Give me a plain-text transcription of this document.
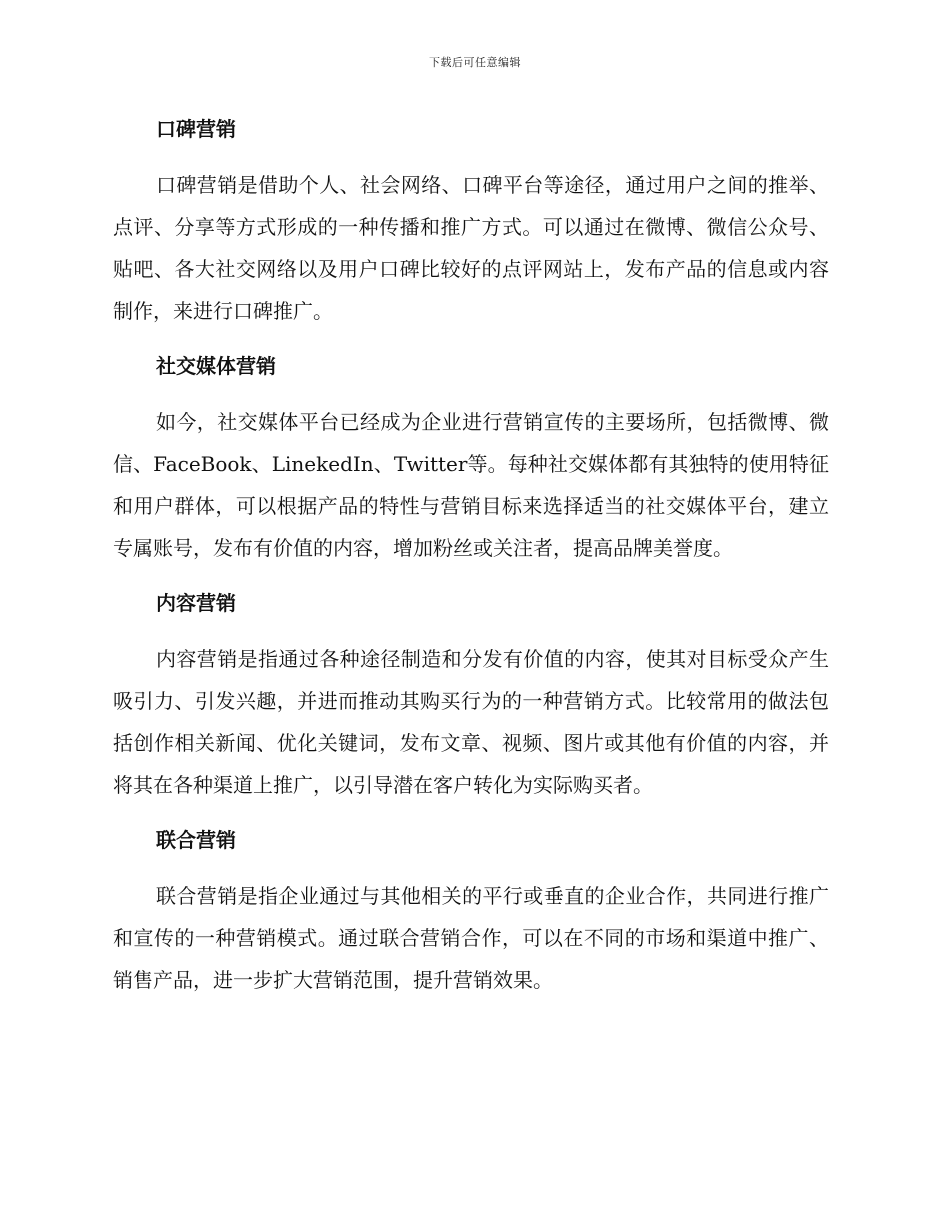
下载后可任意编辑
口碑营销

口碑营销是借助个人、社会网络、口碑平台等途径，通过用户之间的推举、点评、分享等方式形成的一种传播和推广方式。可以通过在微博、微信公众号、贴吧、各大社交网络以及用户口碑比较好的点评网站上，发布产品的信息或内容制作，来进行口碑推广。

社交媒体营销

如今，社交媒体平台已经成为企业进行营销宣传的主要场所，包括微博、微信、FaceBook、LinekedIn、Twitter等。每种社交媒体都有其独特的使用特征和用户群体，可以根据产品的特性与营销目标来选择适当的社交媒体平台，建立专属账号，发布有价值的内容，增加粉丝或关注者，提高品牌美誉度。

内容营销

内容营销是指通过各种途径制造和分发有价值的内容，使其对目标受众产生吸引力、引发兴趣，并进而推动其购买行为的一种营销方式。比较常用的做法包括创作相关新闻、优化关键词，发布文章、视频、图片或其他有价值的内容，并将其在各种渠道上推广，以引导潜在客户转化为实际购买者。

联合营销

联合营销是指企业通过与其他相关的平行或垂直的企业合作，共同进行推广和宣传的一种营销模式。通过联合营销合作，可以在不同的市场和渠道中推广、销售产品，进一步扩大营销范围，提升营销效果。
